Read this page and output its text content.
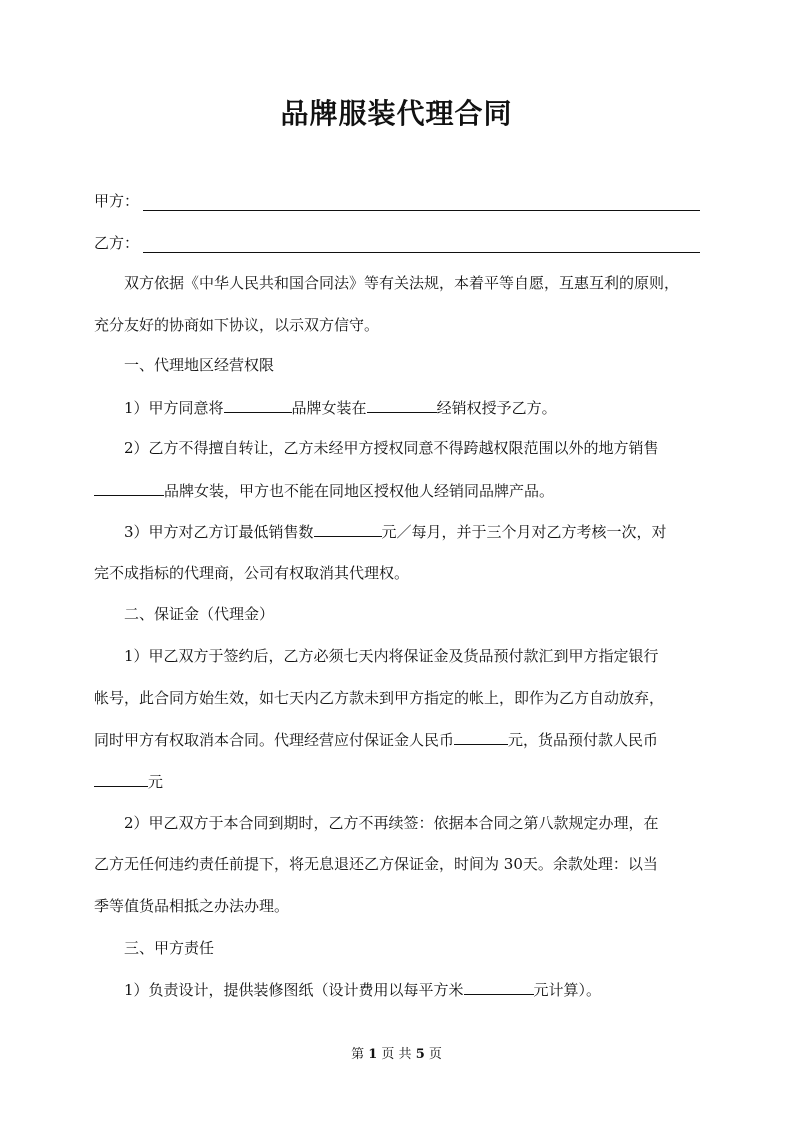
品牌服装代理合同
甲方：
乙方：
双方依据《中华人民共和国合同法》等有关法规，本着平等自愿，互惠互利的原则，
充分友好的协商如下协议，以示双方信守。
一、代理地区经营权限
1）甲方同意将	品牌女装在	经销权授予乙方。
2）乙方不得擅自转让，乙方未经甲方授权同意不得跨越权限范围以外的地方销售
品牌女装，甲方也不能在同地区授权他人经销同品牌产品。
3）甲方对乙方订最低销售数	元／每月，并于三个月对乙方考核一次，对
完不成指标的代理商，公司有权取消其代理权。
二、保证金（代理金）
1）甲乙双方于签约后，乙方必须七天内将保证金及货品预付款汇到甲方指定银行
帐号，此合同方始生效，如七天内乙方款未到甲方指定的帐上，即作为乙方自动放弃，
同时甲方有权取消本合同。代理经营应付保证金人民币	元，货品预付款人民币
元
2）甲乙双方于本合同到期时，乙方不再续签：依据本合同之第八款规定办理，在
乙方无任何违约责任前提下，将无息退还乙方保证金，时间为 30天。余款处理：以当
季等值货品相抵之办法办理。
三、甲方责任
1）负责设计，提供装修图纸（设计费用以每平方米	元计算）。
第 1 页 共 5 页
